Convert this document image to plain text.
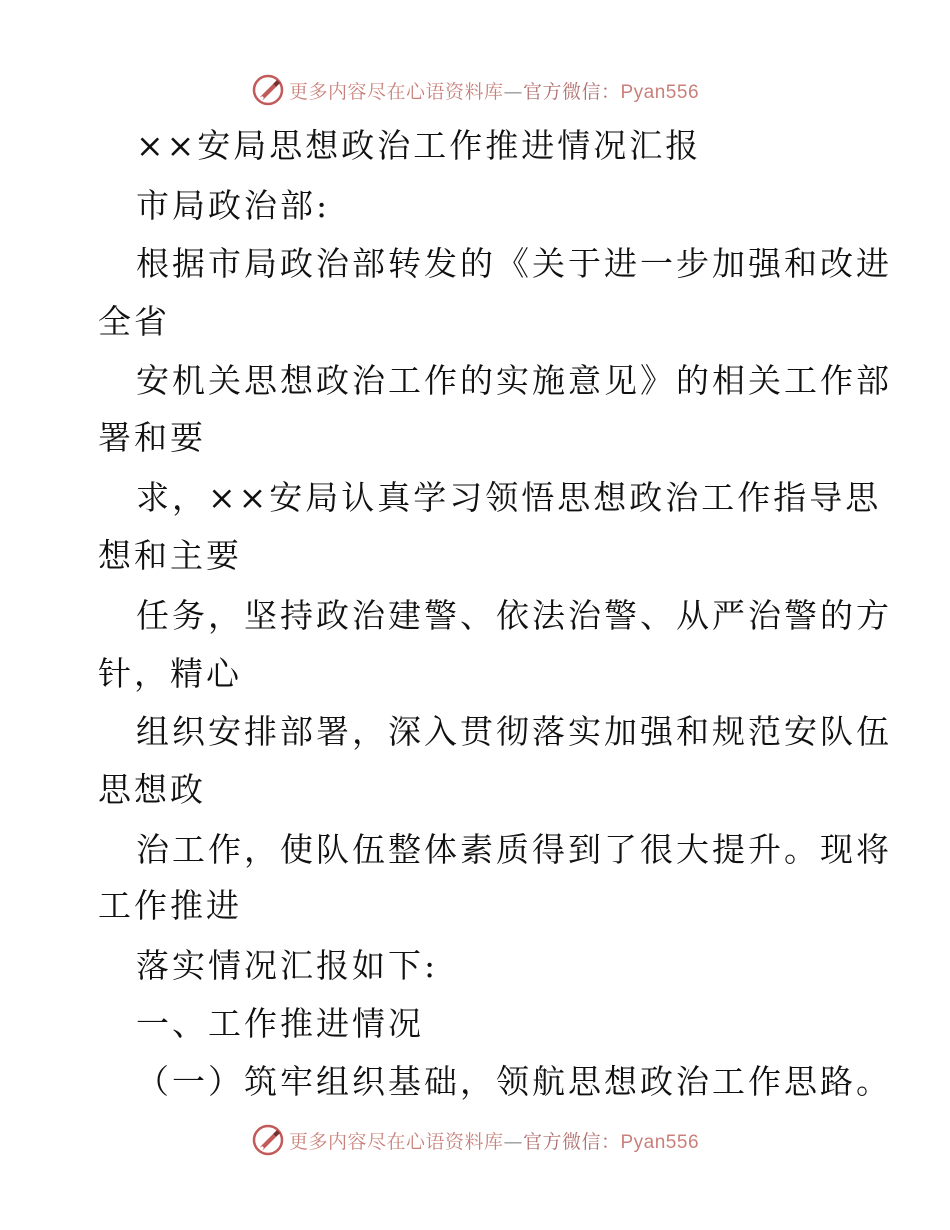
更多内容尽在心语资料库—官方微信：Pyan556
××安局思想政治工作推进情况汇报
市局政治部:
根据市局政治部转发的《关于进一步加强和改进
全省
安机关思想政治工作的实施意见》的相关工作部
署和要
求，××安局认真学习领悟思想政治工作指导思
想和主要
任务，坚持政治建警、依法治警、从严治警的方
针，精心
组织安排部署，深入贯彻落实加强和规范安队伍
思想政
治工作，使队伍整体素质得到了很大提升。现将
工作推进
落实情况汇报如下:
一、工作推进情况
（一）筑牢组织基础，领航思想政治工作思路。
更多内容尽在心语资料库—官方微信：Pyan556
